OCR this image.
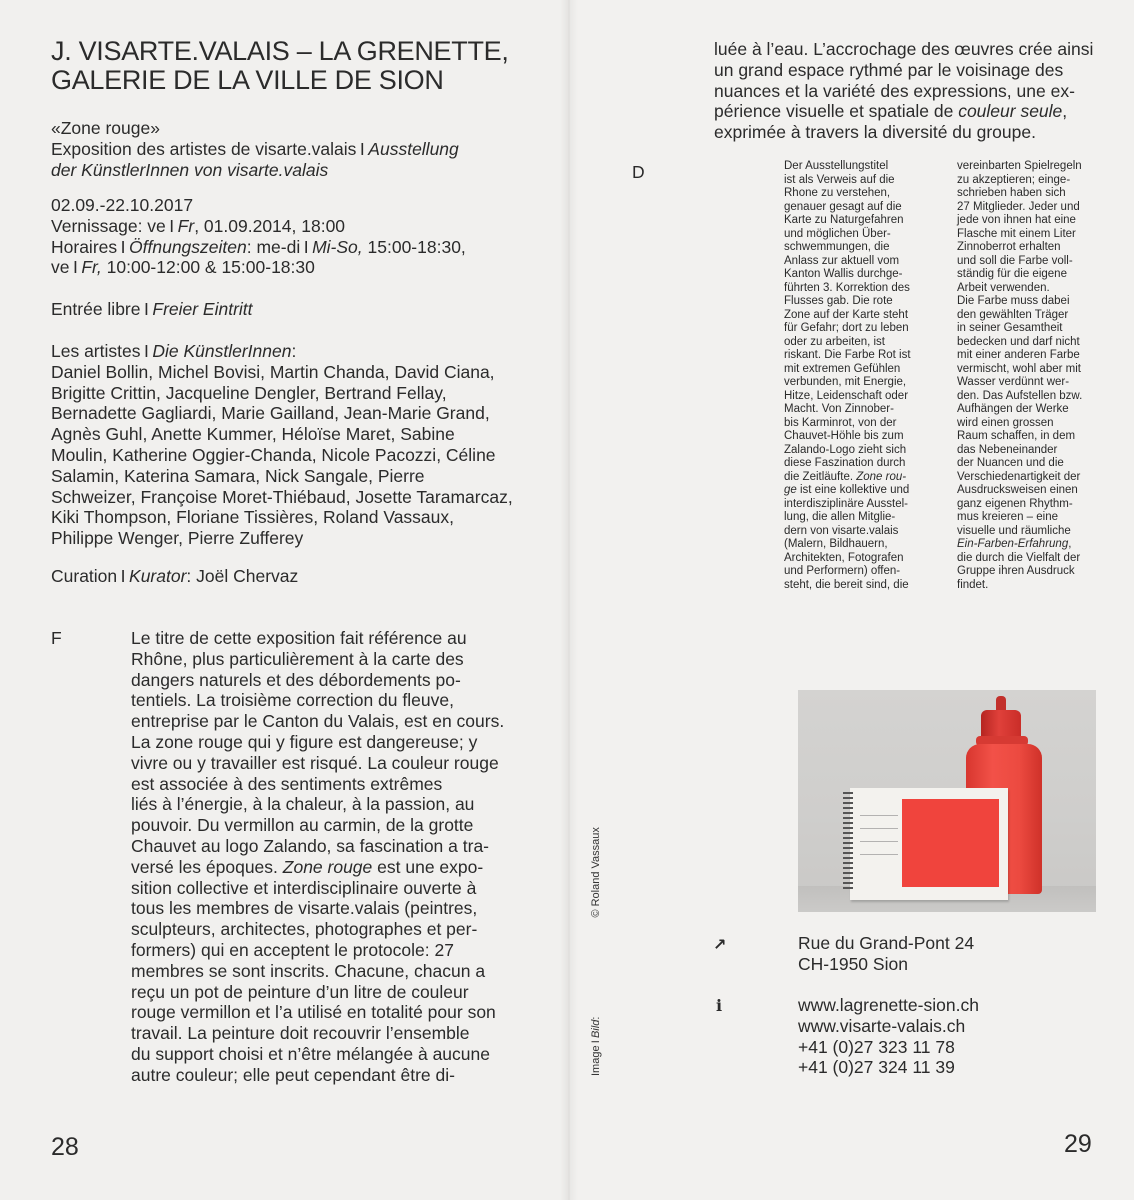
J. VISARTE.VALAIS – LA GRENETTE,
GALERIE DE LA VILLE DE SION
«Zone rouge»
Exposition des artistes de visarte.valais I Ausstellung
der KünstlerInnen von visarte.valais
02.09.-22.10.2017
Vernissage: ve I Fr, 01.09.2014, 18:00
Horaires I Öffnungszeiten: me-di I Mi-So, 15:00-18:30,
ve I Fr, 10:00-12:00 & 15:00-18:30
Entrée libre I Freier Eintritt
Les artistes I Die KünstlerInnen:
Daniel Bollin, Michel Bovisi, Martin Chanda, David Ciana,
Brigitte Crittin, Jacqueline Dengler, Bertrand Fellay,
Bernadette Gagliardi, Marie Gailland, Jean-Marie Grand,
Agnès Guhl, Anette Kummer, Héloïse Maret, Sabine
Moulin, Katherine Oggier-Chanda, Nicole Pacozzi, Céline
Salamin, Katerina Samara, Nick Sangale, Pierre
Schweizer, Françoise Moret-Thiébaud, Josette Taramarcaz,
Kiki Thompson, Floriane Tissières, Roland Vassaux,
Philippe Wenger, Pierre Zufferey
Curation I Kurator: Joël Chervaz
F	Le titre de cette exposition fait référence au
Rhône, plus particulièrement à la carte des
dangers naturels et des débordements po-
tentiels. La troisième correction du fleuve,
entreprise par le Canton du Valais, est en cours.
La zone rouge qui y figure est dangereuse; y
vivre ou y travailler est risqué. La couleur rouge
est associée à des sentiments extrêmes
liés à l’énergie, à la chaleur, à la passion, au
pouvoir. Du vermillon au carmin, de la grotte
Chauvet au logo Zalando, sa fascination a tra-
versé les époques. Zone rouge est une expo-
sition collective et interdisciplinaire ouverte à
tous les membres de visarte.valais (peintres,
sculpteurs, architectes, photographes et per-
formers) qui en acceptent le protocole: 27
membres se sont inscrits. Chacune, chacun a
reçu un pot de peinture d’un litre de couleur
rouge vermillon et l’a utilisé en totalité pour son
travail. La peinture doit recouvrir l’ensemble
du support choisi et n’être mélangée à aucune
autre couleur; elle peut cependant être di-
28
luée à l’eau. L’accrochage des œuvres crée ainsi
un grand espace rythmé par le voisinage des
nuances et la variété des expressions, une ex-
périence visuelle et spatiale de couleur seule,
exprimée à travers la diversité du groupe.
D	Der Ausstellungstitel
ist als Verweis auf die
Rhone zu verstehen,
genauer gesagt auf die
Karte zu Naturgefahren
und möglichen Über-
schwemmungen, die
Anlass zur aktuell vom
Kanton Wallis durchge-
führten 3. Korrektion des
Flusses gab. Die rote
Zone auf der Karte steht
für Gefahr; dort zu leben
oder zu arbeiten, ist
riskant. Die Farbe Rot ist
mit extremen Gefühlen
verbunden, mit Energie,
Hitze, Leidenschaft oder
Macht. Von Zinnober-
bis Karminrot, von der
Chauvet-Höhle bis zum
Zalando-Logo zieht sich
diese Faszination durch
die Zeitläufte. Zone rou-
ge ist eine kollektive und
interdisziplinäre Ausstel-
lung, die allen Mitglie-
dern von visarte.valais
(Malern, Bildhauern,
Architekten, Fotografen
und Performern) offen-
steht, die bereit sind, die
vereinbarten Spielregeln
zu akzeptieren; einge-
schrieben haben sich
27 Mitglieder. Jeder und
jede von ihnen hat eine
Flasche mit einem Liter
Zinnoberrot erhalten
und soll die Farbe voll-
ständig für die eigene
Arbeit verwenden.
Die Farbe muss dabei
den gewählten Träger
in seiner Gesamtheit
bedecken und darf nicht
mit einer anderen Farbe
vermischt, wohl aber mit
Wasser verdünnt wer-
den. Das Aufstellen bzw.
Aufhängen der Werke
wird einen grossen
Raum schaffen, in dem
das Nebeneinander
der Nuancen und die
Verschiedenartigkeit der
Ausdrucksweisen einen
ganz eigenen Rhythm-
mus kreieren – eine
visuelle und räumliche
Ein-Farben-Erfahrung,
die durch die Vielfalt der
Gruppe ihren Ausdruck
findet.
Image I Bild:         © Roland Vassaux
↗	Rue du Grand-Pont 24
CH-1950 Sion
i	www.lagrenette-sion.ch
www.visarte-valais.ch
+41 (0)27 323 11 78
+41 (0)27 324 11 39
29
